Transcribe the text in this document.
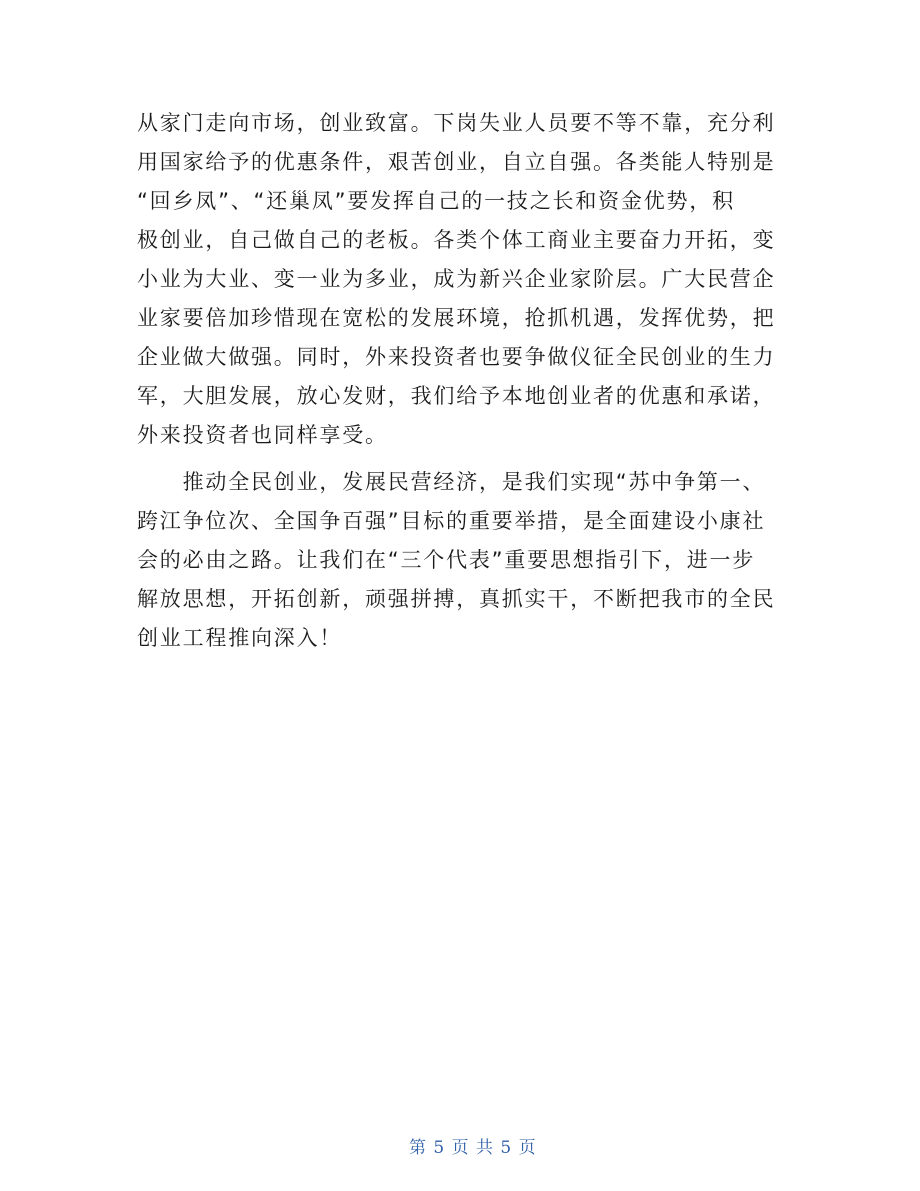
从家门走向市场，创业致富。下岗失业人员要不等不靠，充分利
用国家给予的优惠条件，艰苦创业，自立自强。各类能人特别是
“回乡凤”、“还巢凤”要发挥自己的一技之长和资金优势，积
极创业，自己做自己的老板。各类个体工商业主要奋力开拓，变
小业为大业、变一业为多业，成为新兴企业家阶层。广大民营企
业家要倍加珍惜现在宽松的发展环境，抢抓机遇，发挥优势，把
企业做大做强。同时，外来投资者也要争做仪征全民创业的生力
军，大胆发展，放心发财，我们给予本地创业者的优惠和承诺，
外来投资者也同样享受。
　　推动全民创业，发展民营经济，是我们实现“苏中争第一、
跨江争位次、全国争百强”目标的重要举措，是全面建设小康社
会的必由之路。让我们在“三个代表”重要思想指引下，进一步
解放思想，开拓创新，顽强拼搏，真抓实干，不断把我市的全民
创业工程推向深入！

第 5 页 共 5 页
